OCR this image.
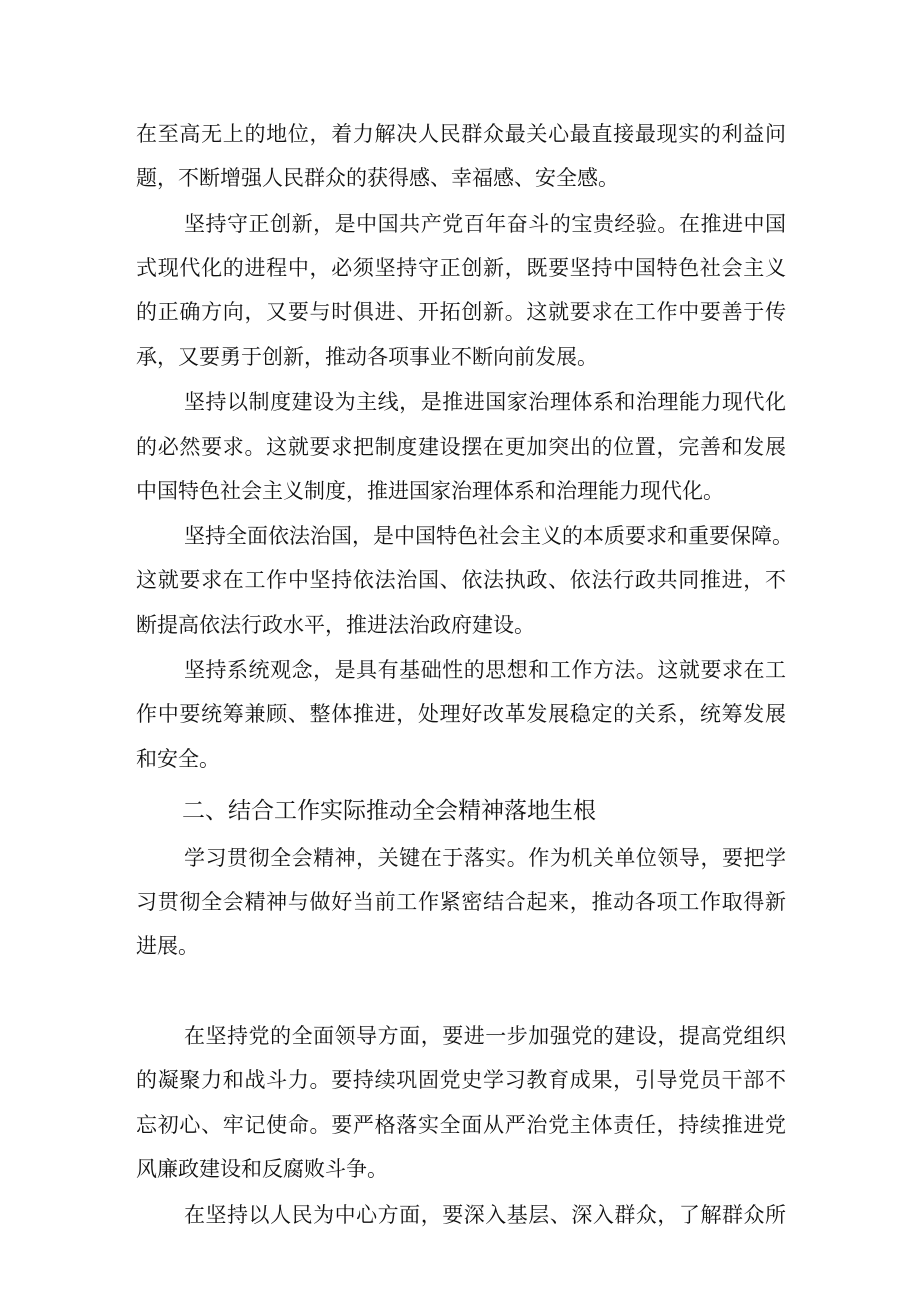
在至高无上的地位，着力解决人民群众最关心最直接最现实的利益问
题，不断增强人民群众的获得感、幸福感、安全感。
坚持守正创新，是中国共产党百年奋斗的宝贵经验。在推进中国
式现代化的进程中，必须坚持守正创新，既要坚持中国特色社会主义
的正确方向，又要与时俱进、开拓创新。这就要求在工作中要善于传
承，又要勇于创新，推动各项事业不断向前发展。
坚持以制度建设为主线，是推进国家治理体系和治理能力现代化
的必然要求。这就要求把制度建设摆在更加突出的位置，完善和发展
中国特色社会主义制度，推进国家治理体系和治理能力现代化。
坚持全面依法治国，是中国特色社会主义的本质要求和重要保障。
这就要求在工作中坚持依法治国、依法执政、依法行政共同推进，不
断提高依法行政水平，推进法治政府建设。
坚持系统观念，是具有基础性的思想和工作方法。这就要求在工
作中要统筹兼顾、整体推进，处理好改革发展稳定的关系，统筹发展
和安全。
二、结合工作实际推动全会精神落地生根
学习贯彻全会精神，关键在于落实。作为机关单位领导，要把学
习贯彻全会精神与做好当前工作紧密结合起来，推动各项工作取得新
进展。
在坚持党的全面领导方面，要进一步加强党的建设，提高党组织
的凝聚力和战斗力。要持续巩固党史学习教育成果，引导党员干部不
忘初心、牢记使命。要严格落实全面从严治党主体责任，持续推进党
风廉政建设和反腐败斗争。
在坚持以人民为中心方面，要深入基层、深入群众，了解群众所
